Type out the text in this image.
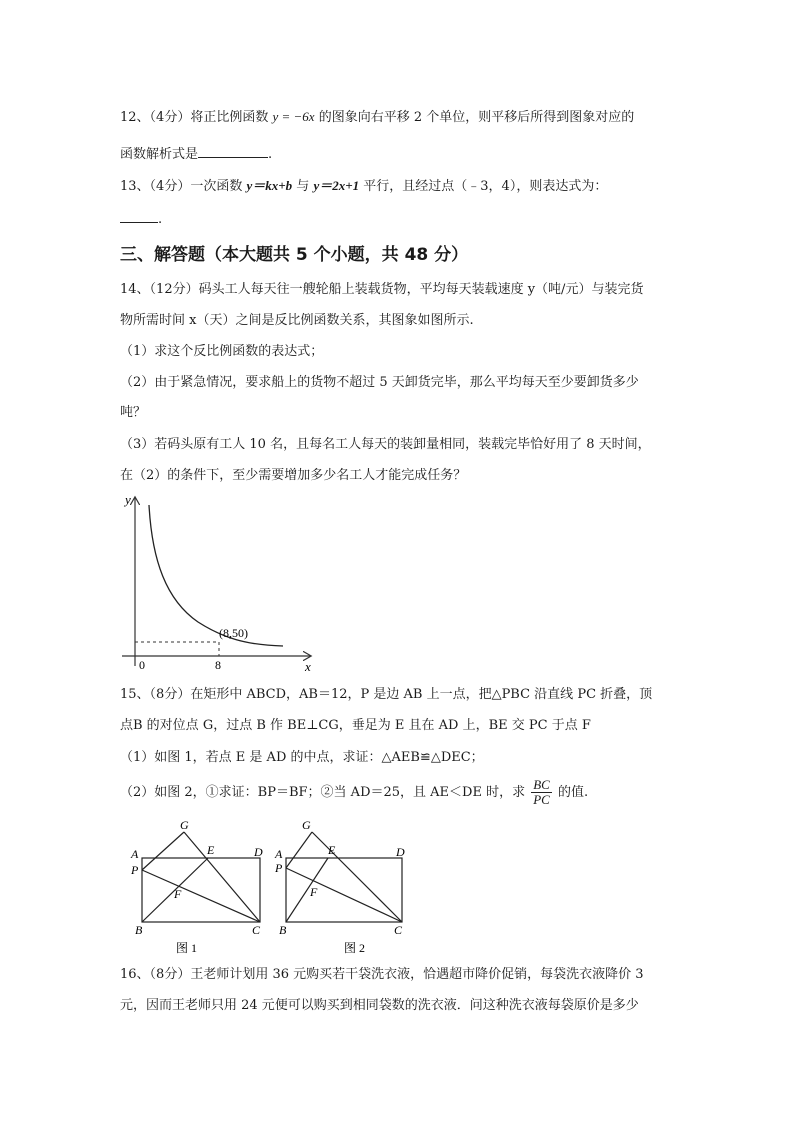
12、（4分）将正比例函数 y = −6x 的图象向右平移 2 个单位，则平移后所得到图象对应的
函数解析式是	.
13、（4分）一次函数 y＝kx+b 与 y＝2x+1 平行，且经过点（﹣3，4），则表达式为：
.
三、解答题（本大题共 5 个小题，共 48 分）
14、（12分）码头工人每天往一艘轮船上装载货物，平均每天装载速度 y（吨/元）与装完货
物所需时间 x（天）之间是反比例函数关系，其图象如图所示.
（1）求这个反比例函数的表达式；
（2）由于紧急情况，要求船上的货物不超过 5 天卸货完毕，那么平均每天至少要卸货多少
吨？
（3）若码头原有工人 10 名，且每名工人每天的装卸量相同，装载完毕恰好用了 8 天时间，
在（2）的条件下，至少需要增加多少名工人才能完成任务？
y
x
0	8
(8,50)
15、（8分）在矩形中 ABCD，AB＝12，P 是边 AB 上一点，把△PBC 沿直线 PC 折叠，顶
点B 的对位点 G，过点 B 作 BE⊥CG，垂足为 E 且在 AD 上，BE 交 PC 于点 F
（1）如图 1，若点 E 是 AD 的中点，求证：△AEB≌△DEC；
（2）如图 2，①求证：BP＝BF；②当 AD＝25，且 AE＜DE 时，求 $\frac{BC}{PC}$ 的值.
G
A
P
E	D
F
B	C
图 1
G
A
P
E	D
F
B	C
图 2
16、（8分）王老师计划用 36 元购买若干袋洗衣液，恰遇超市降价促销，每袋洗衣液降价 3
元，因而王老师只用 24 元便可以购买到相同袋数的洗衣液．问这种洗衣液每袋原价是多少
